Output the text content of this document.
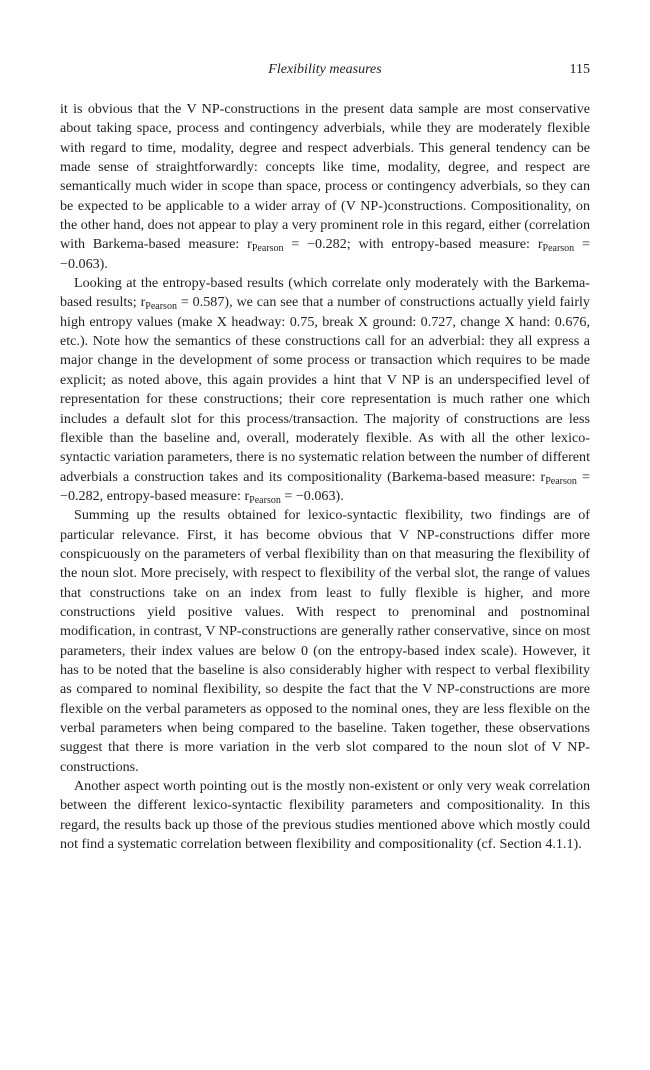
Flexibility measures	115

it is obvious that the V NP-constructions in the present data sample are most conservative about taking space, process and contingency adverbials, while they are moderately flexible with regard to time, modality, degree and respect adverbials. This general tendency can be made sense of straightforwardly: concepts like time, modality, degree, and respect are semantically much wider in scope than space, process or contingency adverbials, so they can be expected to be applicable to a wider array of (V NP-)constructions. Compositionality, on the other hand, does not appear to play a very prominent role in this regard, either (correlation with Barkema-based measure: $r_{Pearson} = -0.282$; with entropy-based measure: $r_{Pearson} = -0.063$).

Looking at the entropy-based results (which correlate only moderately with the Barkema-based results; $r_{Pearson} = 0.587$), we can see that a number of constructions actually yield fairly high entropy values (make X headway: 0.75, break X ground: 0.727, change X hand: 0.676, etc.). Note how the semantics of these constructions call for an adverbial: they all express a major change in the development of some process or transaction which requires to be made explicit; as noted above, this again provides a hint that V NP is an underspecified level of representation for these constructions; their core representation is much rather one which includes a default slot for this process/transaction. The majority of constructions are less flexible than the baseline and, overall, moderately flexible. As with all the other lexico-syntactic variation parameters, there is no systematic relation between the number of different adverbials a construction takes and its compositionality (Barkema-based measure: $r_{Pearson} = -0.282$, entropy-based measure: $r_{Pearson} = -0.063$).

Summing up the results obtained for lexico-syntactic flexibility, two findings are of particular relevance. First, it has become obvious that V NP-constructions differ more conspicuously on the parameters of verbal flexibility than on that measuring the flexibility of the noun slot. More precisely, with respect to flexibility of the verbal slot, the range of values that constructions take on an index from least to fully flexible is higher, and more constructions yield positive values. With respect to prenominal and postnominal modification, in contrast, V NP-constructions are generally rather conservative, since on most parameters, their index values are below 0 (on the entropy-based index scale). However, it has to be noted that the baseline is also considerably higher with respect to verbal flexibility as compared to nominal flexibility, so despite the fact that the V NP-constructions are more flexible on the verbal parameters as opposed to the nominal ones, they are less flexible on the verbal parameters when being compared to the baseline. Taken together, these observations suggest that there is more variation in the verb slot compared to the noun slot of V NP-constructions.

Another aspect worth pointing out is the mostly non-existent or only very weak correlation between the different lexico-syntactic flexibility parameters and compositionality. In this regard, the results back up those of the previous studies mentioned above which mostly could not find a systematic correlation between flexibility and compositionality (cf. Section 4.1.1).
